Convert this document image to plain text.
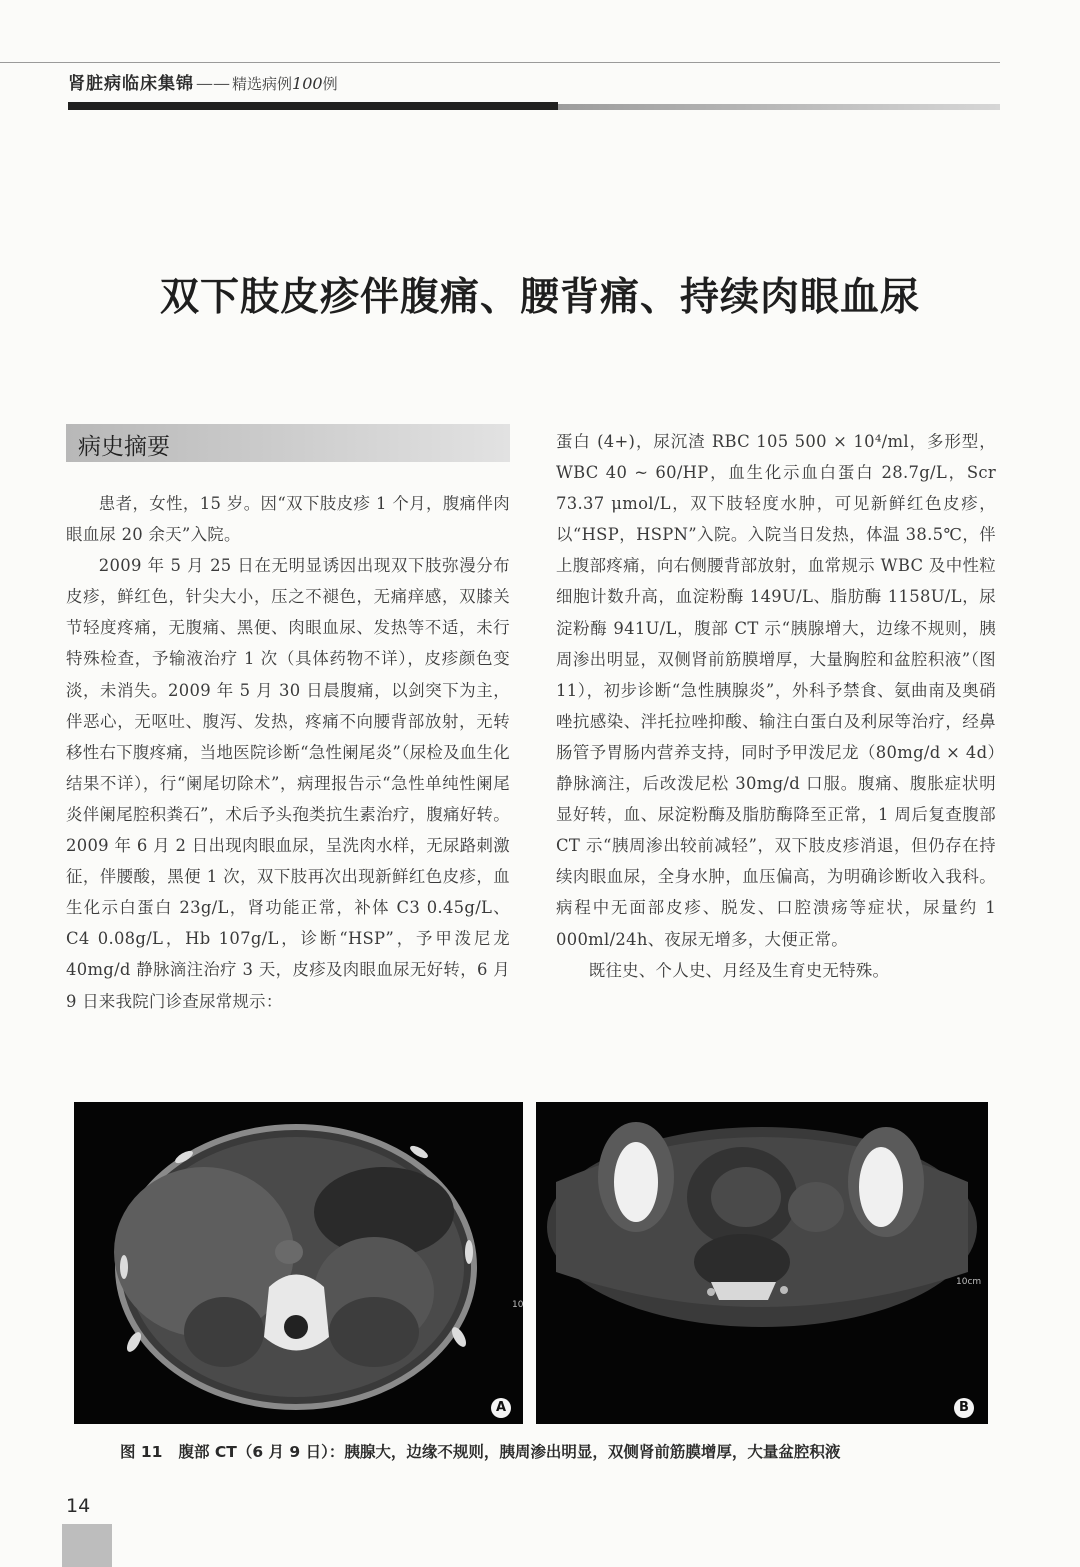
肾脏病临床集锦 —— 精选病例100例
双下肢皮疹伴腹痛、腰背痛、持续肉眼血尿
病史摘要

患者，女性，15 岁。因“双下肢皮疹 1 个月，腹痛伴肉眼血尿 20 余天”入院。

2009 年 5 月 25 日在无明显诱因出现双下肢弥漫分布皮疹，鲜红色，针尖大小，压之不褪色，无痛痒感，双膝关节轻度疼痛，无腹痛、黑便、肉眼血尿、发热等不适，未行特殊检查，予输液治疗 1 次（具体药物不详），皮疹颜色变淡，未消失。2009 年 5 月 30 日晨腹痛，以剑突下为主，伴恶心，无呕吐、腹泻、发热，疼痛不向腰背部放射，无转移性右下腹疼痛，当地医院诊断“急性阑尾炎”（尿检及血生化结果不详），行“阑尾切除术”，病理报告示“急性单纯性阑尾炎伴阑尾腔积粪石”，术后予头孢类抗生素治疗，腹痛好转。2009 年 6 月 2 日出现肉眼血尿，呈洗肉水样，无尿路刺激征，伴腰酸，黑便 1 次，双下肢再次出现新鲜红色皮疹，血生化示白蛋白 23g/L，肾功能正常，补体 C3 0.45g/L、C4 0.08g/L，Hb 107g/L，诊断“HSP”，予甲泼尼龙 40mg/d 静脉滴注治疗 3 天，皮疹及肉眼血尿无好转，6 月 9 日来我院门诊查尿常规示：

蛋白 (4+)，尿沉渣 RBC 105 500 × 10⁴/ml，多形型，WBC 40 ~ 60/HP，血生化示血白蛋白 28.7g/L，Scr 73.37 μmol/L，双下肢轻度水肿，可见新鲜红色皮疹，以“HSP，HSPN”入院。入院当日发热，体温 38.5℃，伴上腹部疼痛，向右侧腰背部放射，血常规示 WBC 及中性粒细胞计数升高，血淀粉酶 149U/L、脂肪酶 1158U/L，尿淀粉酶 941U/L，腹部 CT 示“胰腺增大，边缘不规则，胰周渗出明显，双侧肾前筋膜增厚，大量胸腔和盆腔积液”（图 11），初步诊断“急性胰腺炎”，外科予禁食、氨曲南及奥硝唑抗感染、泮托拉唑抑酸、输注白蛋白及利尿等治疗，经鼻肠管予胃肠内营养支持，同时予甲泼尼龙（80mg/d × 4d）静脉滴注，后改泼尼松 30mg/d 口服。腹痛、腹胀症状明显好转，血、尿淀粉酶及脂肪酶降至正常，1 周后复查腹部 CT 示“胰周渗出较前减轻”，双下肢皮疹消退，但仍存在持续肉眼血尿，全身水肿，血压偏高，为明确诊断收入我科。病程中无面部皮疹、脱发、口腔溃疡等症状，尿量约 1 000ml/24h、夜尿无增多，大便正常。

既往史、个人史、月经及生育史无特殊。

10
A
10cm
B
图 11 腹部 CT（6 月 9 日）：胰腺大，边缘不规则，胰周渗出明显，双侧肾前筋膜增厚，大量盆腔积液
14
